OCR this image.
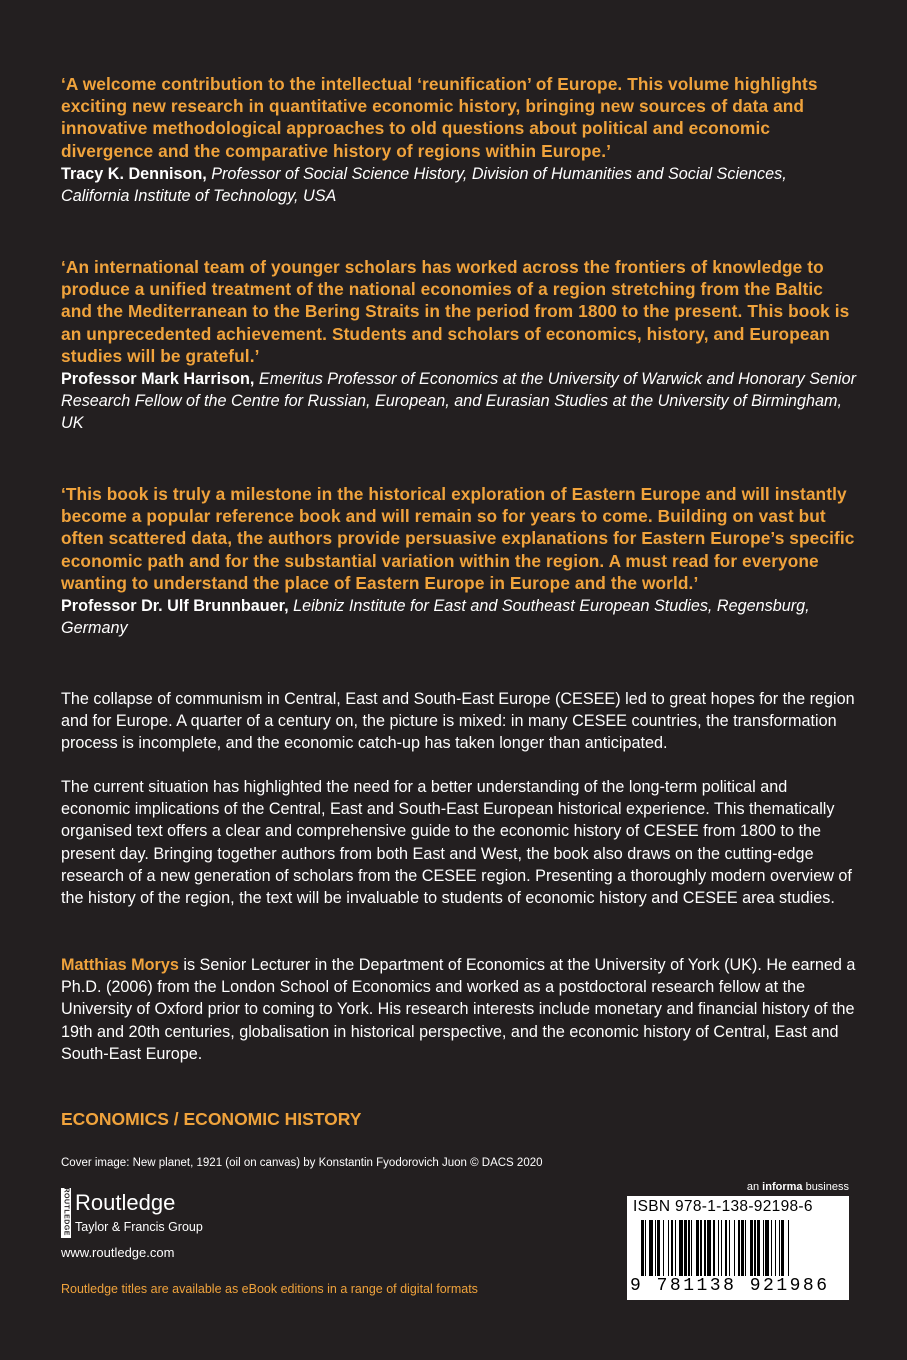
‘A welcome contribution to the intellectual ‘reunification’ of Europe. This volume highlights exciting new research in quantitative economic history, bringing new sources of data and innovative methodological approaches to old questions about political and economic divergence and the comparative history of regions within Europe.’

Tracy K. Dennison, Professor of Social Science History, Division of Humanities and Social Sciences, California Institute of Technology, USA

‘An international team of younger scholars has worked across the frontiers of knowledge to produce a unified treatment of the national economies of a region stretching from the Baltic and the Mediterranean to the Bering Straits in the period from 1800 to the present. This book is an unprecedented achievement. Students and scholars of economics, history, and European studies will be grateful.’

Professor Mark Harrison, Emeritus Professor of Economics at the University of Warwick and Honorary Senior Research Fellow of the Centre for Russian, European, and Eurasian Studies at the University of Birmingham, UK

‘This book is truly a milestone in the historical exploration of Eastern Europe and will instantly become a popular reference book and will remain so for years to come. Building on vast but often scattered data, the authors provide persuasive explanations for Eastern Europe’s specific economic path and for the substantial variation within the region. A must read for everyone wanting to understand the place of Eastern Europe in Europe and the world.’

Professor Dr. Ulf Brunnbauer, Leibniz Institute for East and Southeast European Studies, Regensburg, Germany

The collapse of communism in Central, East and South-East Europe (CESEE) led to great hopes for the region and for Europe. A quarter of a century on, the picture is mixed: in many CESEE countries, the transformation process is incomplete, and the economic catch-up has taken longer than anticipated.

The current situation has highlighted the need for a better understanding of the long-term political and economic implications of the Central, East and South-East European historical experience. This thematically organised text offers a clear and comprehensive guide to the economic history of CESEE from 1800 to the present day. Bringing together authors from both East and West, the book also draws on the cutting-edge research of a new generation of scholars from the CESEE region. Presenting a thoroughly modern overview of the history of the region, the text will be invaluable to students of economic history and CESEE area studies.

Matthias Morys is Senior Lecturer in the Department of Economics at the University of York (UK). He earned a Ph.D. (2006) from the London School of Economics and worked as a postdoctoral research fellow at the University of Oxford prior to coming to York. His research interests include monetary and financial history of the 19th and 20th centuries, globalisation in historical perspective, and the economic history of Central, East and South-East Europe.

ECONOMICS / ECONOMIC HISTORY

Cover image: New planet, 1921 (oil on canvas) by Konstantin Fyodorovich Juon © DACS 2020
ROUTLEDGE Routledge
Taylor & Francis Group
www.routledge.com
Routledge titles are available as eBook editions in a range of digital formats
an informa business
ISBN 978-1-138-92198-6
9 781138 921986
